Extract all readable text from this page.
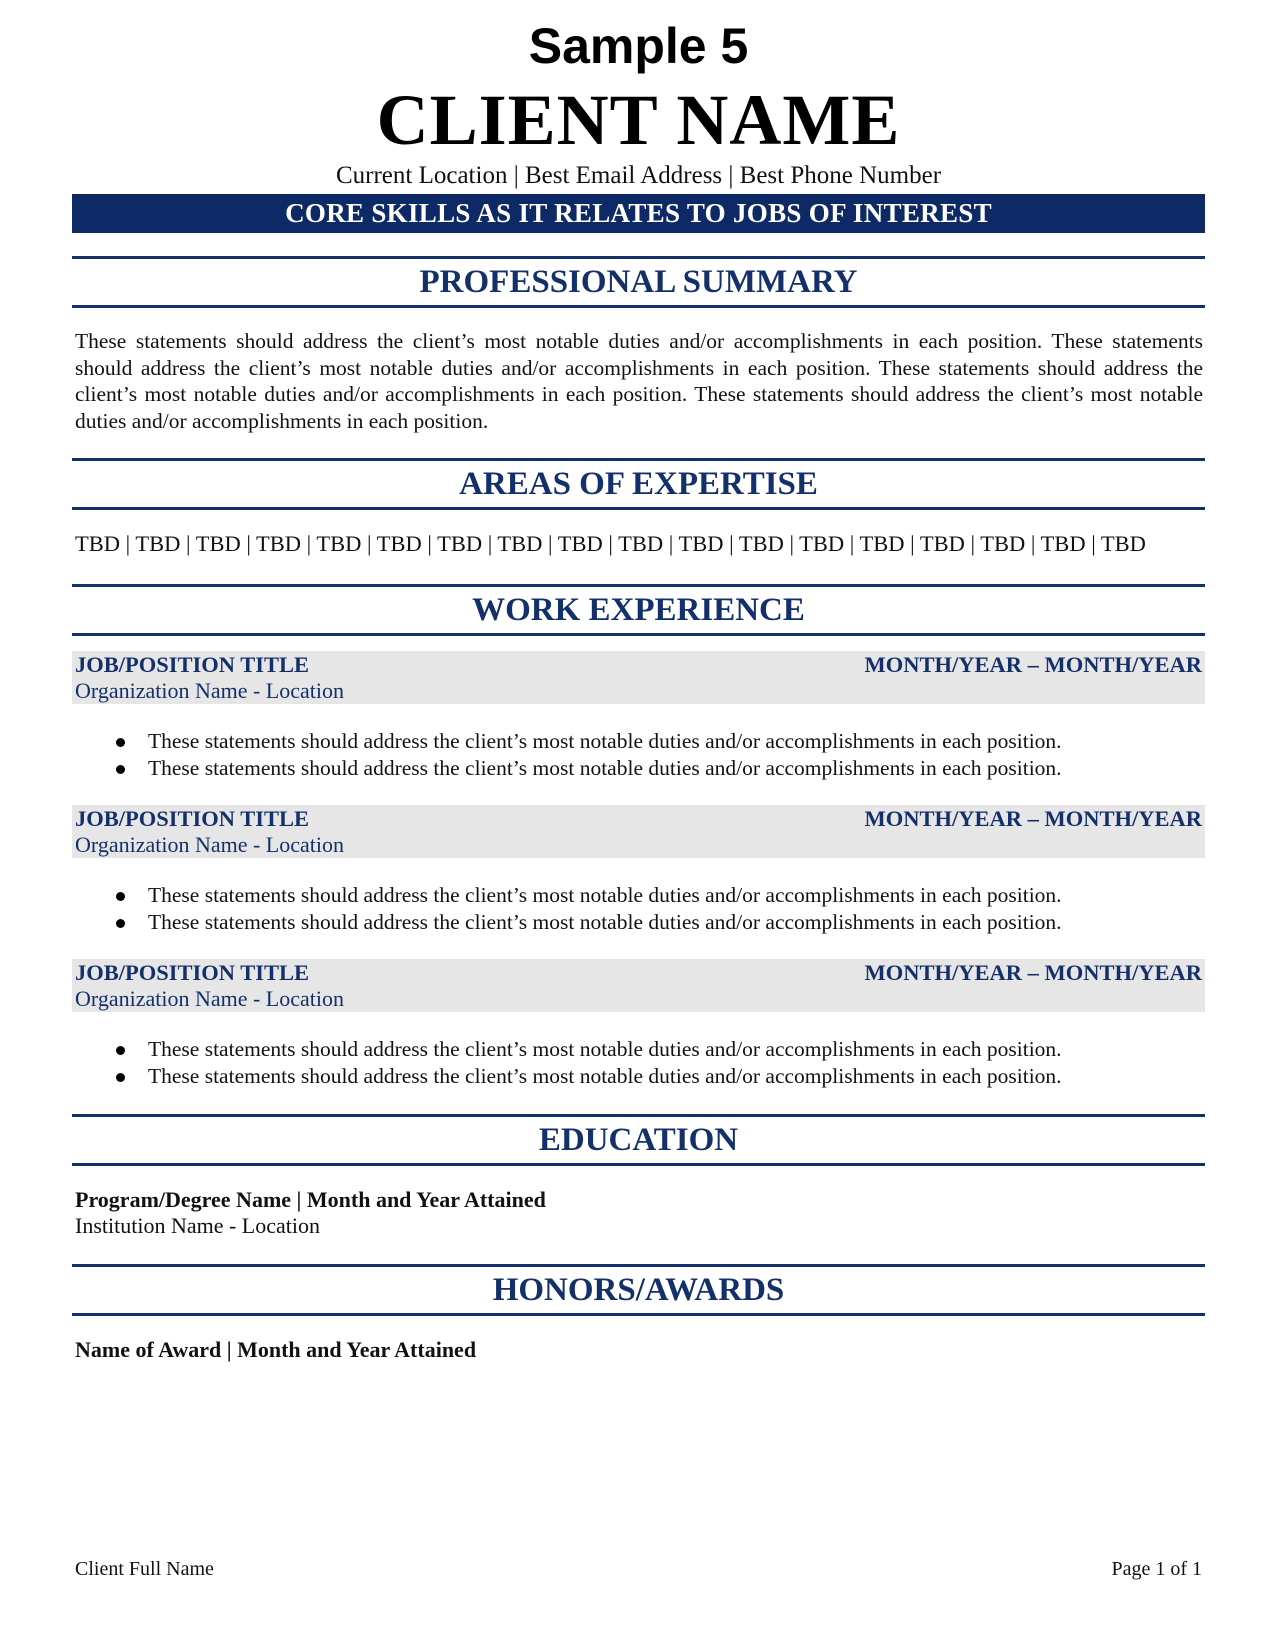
Sample 5
CLIENT NAME
Current Location | Best Email Address | Best Phone Number
CORE SKILLS AS IT RELATES TO JOBS OF INTEREST
PROFESSIONAL SUMMARY
These statements should address the client’s most notable duties and/or accomplishments in each position. These statements should address the client’s most notable duties and/or accomplishments in each position. These statements should address the client’s most notable duties and/or accomplishments in each position. These statements should address the client’s most notable duties and/or accomplishments in each position.
AREAS OF EXPERTISE
TBD | TBD | TBD | TBD | TBD | TBD | TBD | TBD | TBD | TBD | TBD | TBD | TBD | TBD | TBD | TBD | TBD | TBD
WORK EXPERIENCE
JOB/POSITION TITLE	MONTH/YEAR – MONTH/YEAR
Organization Name - Location
These statements should address the client’s most notable duties and/or accomplishments in each position.
These statements should address the client’s most notable duties and/or accomplishments in each position.
JOB/POSITION TITLE	MONTH/YEAR – MONTH/YEAR
Organization Name - Location
These statements should address the client’s most notable duties and/or accomplishments in each position.
These statements should address the client’s most notable duties and/or accomplishments in each position.
JOB/POSITION TITLE	MONTH/YEAR – MONTH/YEAR
Organization Name - Location
These statements should address the client’s most notable duties and/or accomplishments in each position.
These statements should address the client’s most notable duties and/or accomplishments in each position.
EDUCATION
Program/Degree Name | Month and Year Attained
Institution Name - Location
HONORS/AWARDS
Name of Award | Month and Year Attained
Client Full Name	Page 1 of 1
